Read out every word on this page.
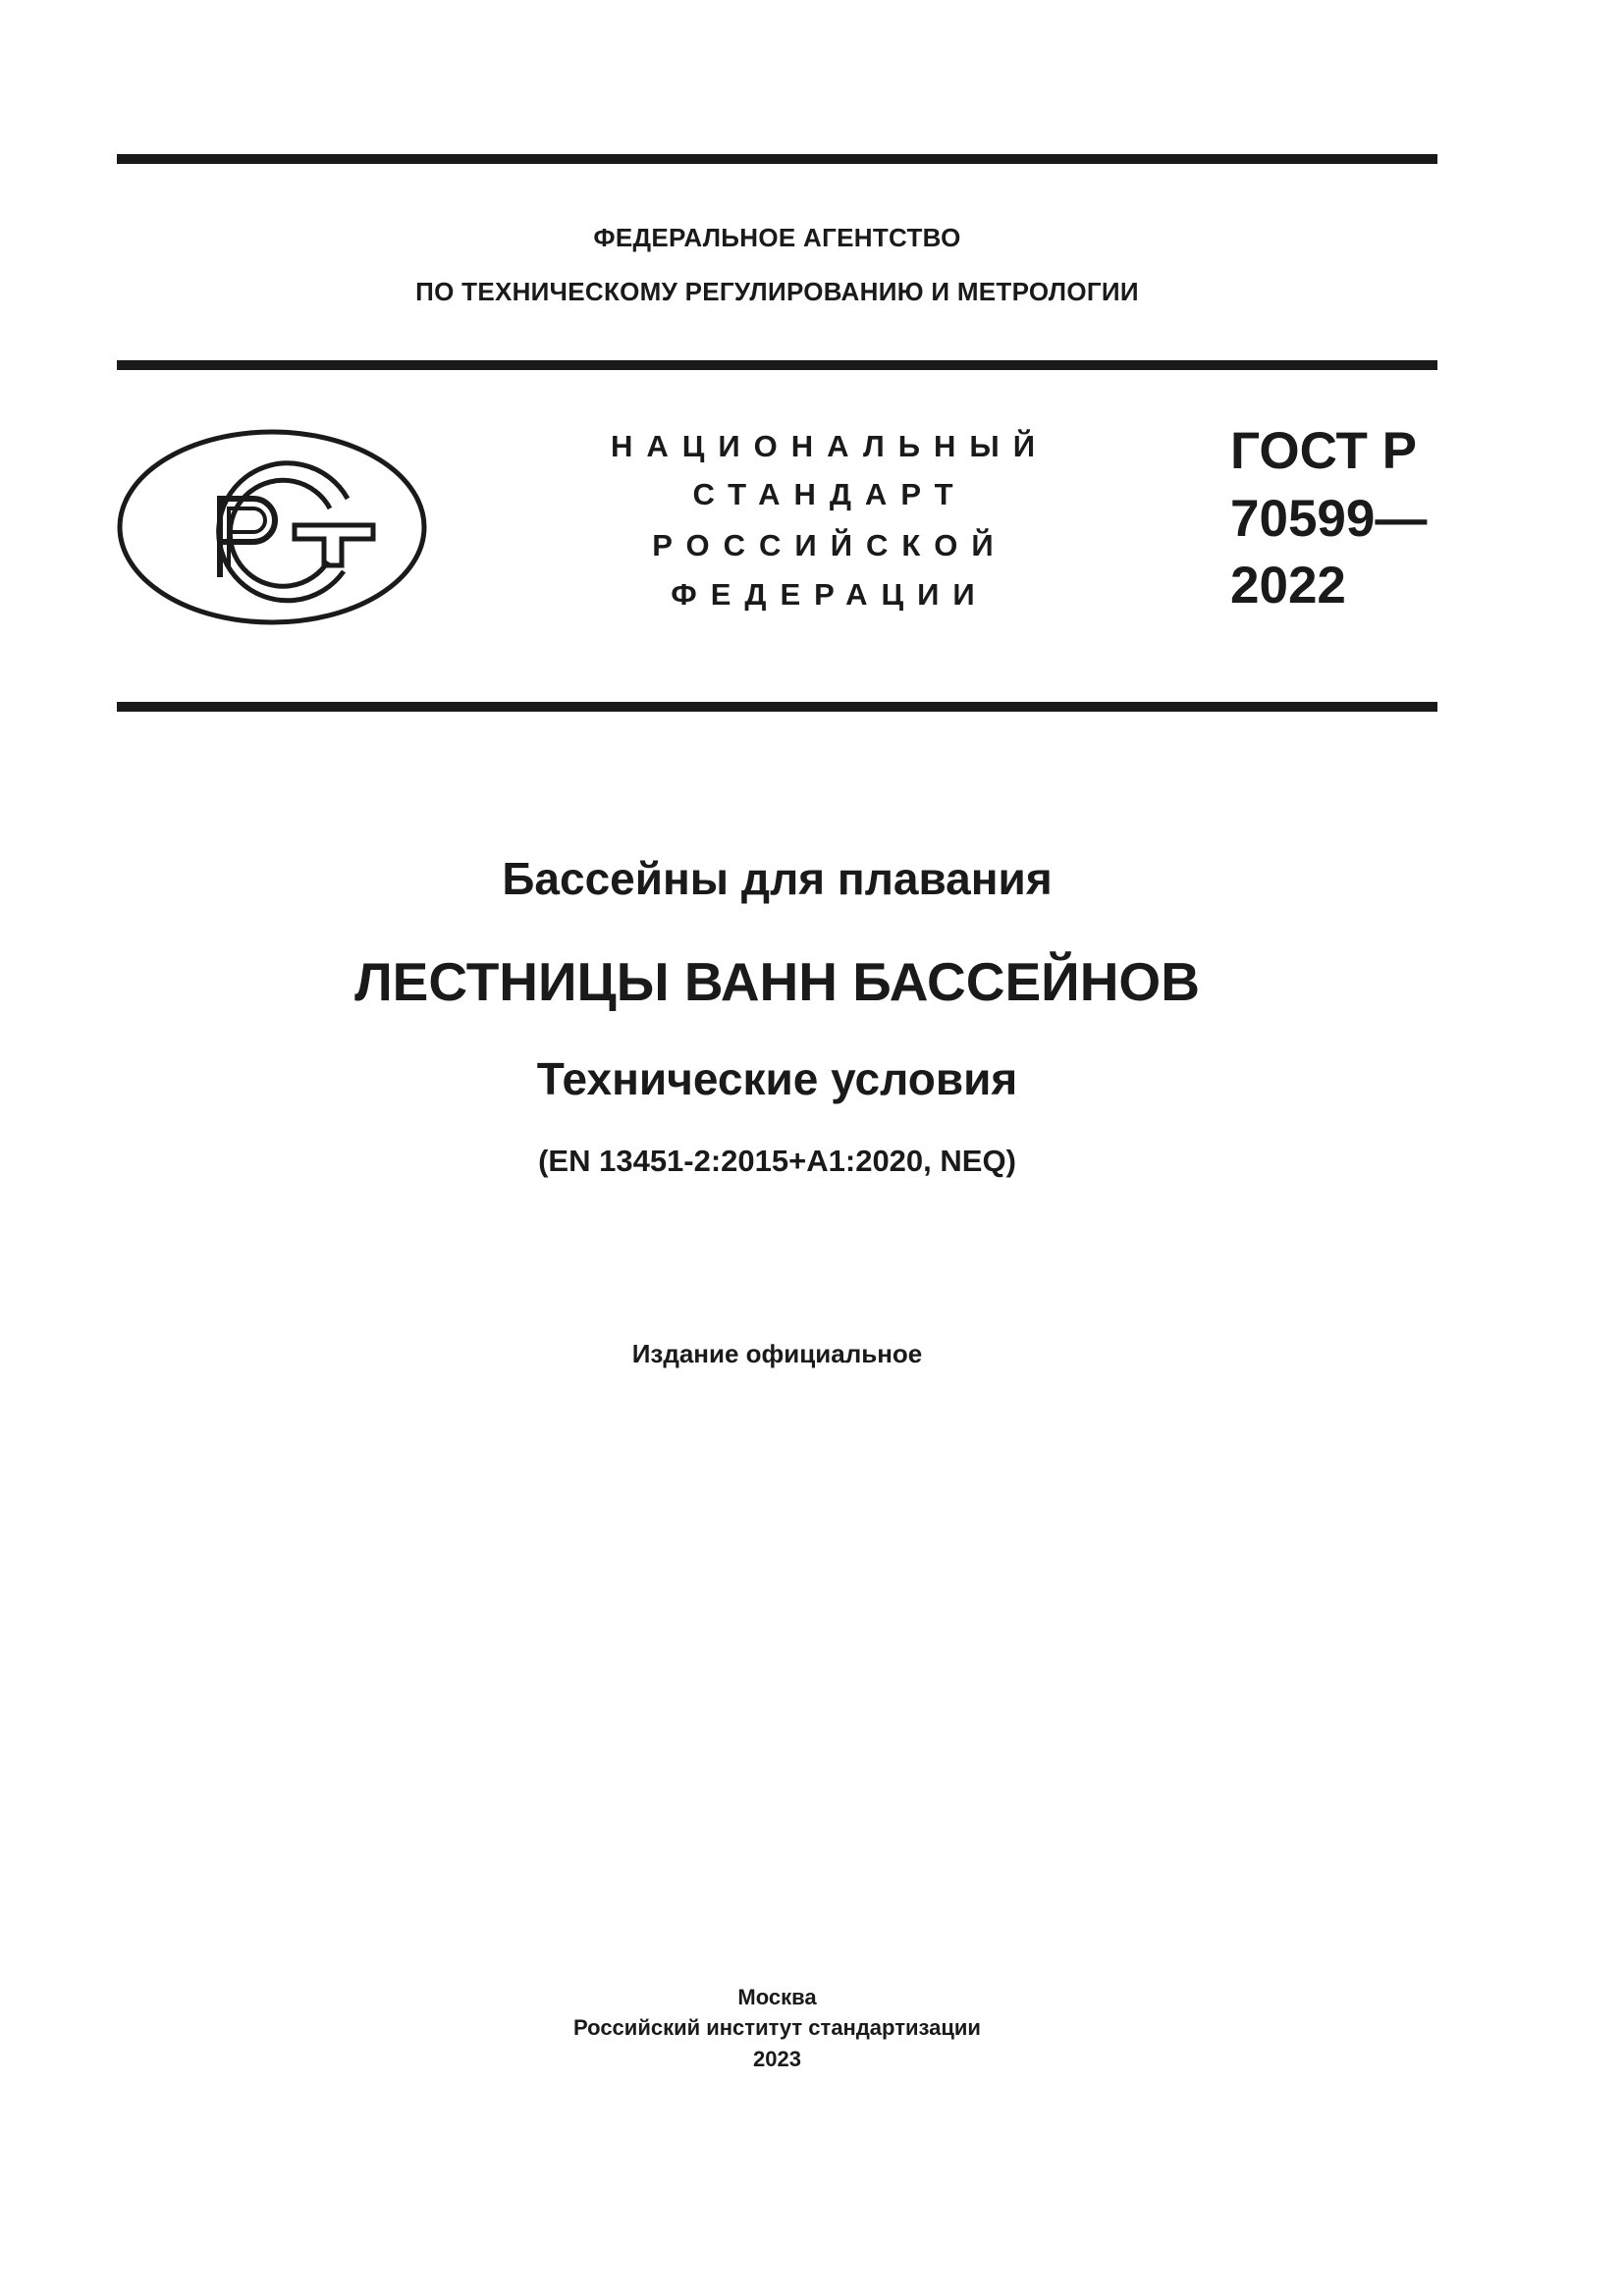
ФЕДЕРАЛЬНОЕ АГЕНТСТВО
ПО ТЕХНИЧЕСКОМУ РЕГУЛИРОВАНИЮ И МЕТРОЛОГИИ
НАЦИОНАЛЬНЫЙ
СТАНДАРТ
РОССИЙСКОЙ
ФЕДЕРАЦИИ
ГОСТ Р
70599—
2022
Бассейны для плавания
ЛЕСТНИЦЫ ВАНН БАССЕЙНОВ
Технические условия
(EN 13451-2:2015+A1:2020, NEQ)
Издание официальное
Москва
Российский институт стандартизации
2023
